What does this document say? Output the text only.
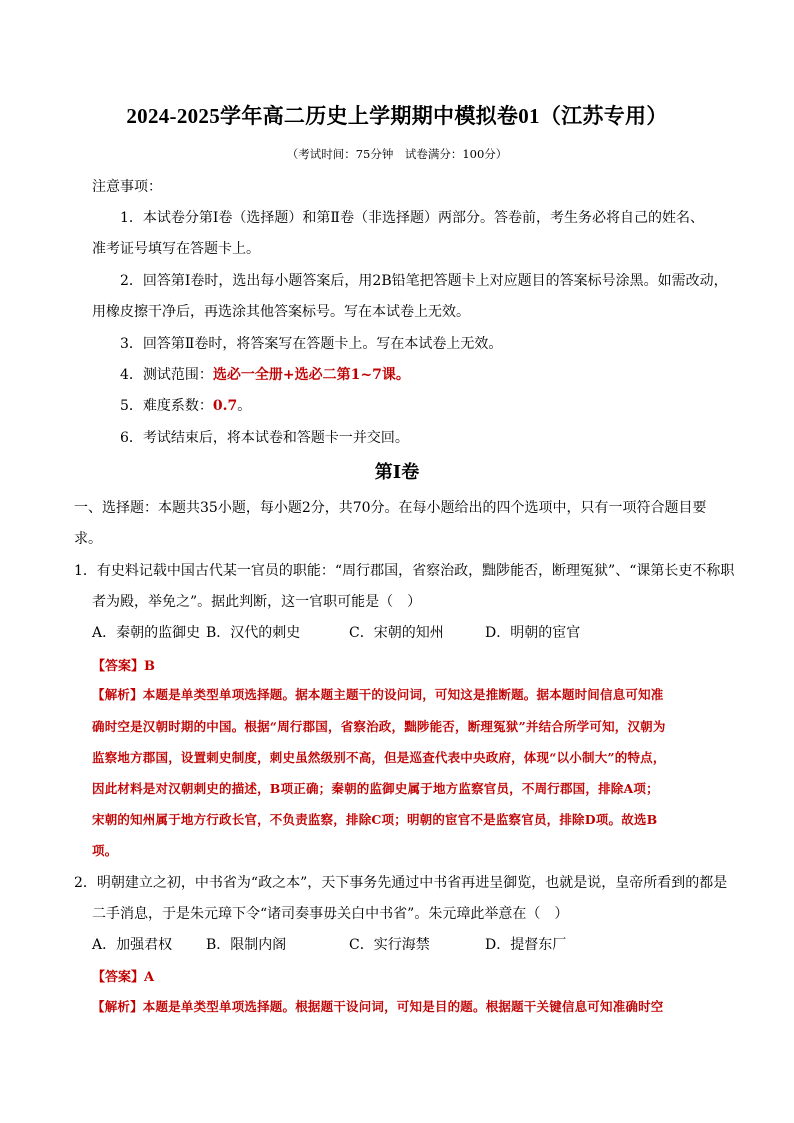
2024-2025学年高二历史上学期期中模拟卷01（江苏专用）
（考试时间：75分钟　试卷满分：100分）
注意事项：
1．本试卷分第Ⅰ卷（选择题）和第Ⅱ卷（非选择题）两部分。答卷前，考生务必将自己的姓名、
准考证号填写在答题卡上。
2．回答第Ⅰ卷时，选出每小题答案后，用2B铅笔把答题卡上对应题目的答案标号涂黑。如需改动，
用橡皮擦干净后，再选涂其他答案标号。写在本试卷上无效。
3．回答第Ⅱ卷时，将答案写在答题卡上。写在本试卷上无效。
4．测试范围：选必一全册+选必二第1~7课。
5．难度系数：0.7。
6．考试结束后，将本试卷和答题卡一并交回。
第Ⅰ卷
一、选择题：本题共35小题，每小题2分，共70分。在每小题给出的四个选项中，只有一项符合题目要
求。
1．有史料记载中国古代某一官员的职能：“周行郡国，省察治政，黜陟能否，断理冤狱”、“课第长吏不称职
者为殿，举免之”。据此判断，这一官职可能是（　）
A．秦朝的监御史 B．汉代的刺史	C．宋朝的知州	D．明朝的宦官
【答案】B
【解析】本题是单类型单项选择题。据本题主题干的设问词，可知这是推断题。据本题时间信息可知准
确时空是汉朝时期的中国。根据“周行郡国，省察治政，黜陟能否，断理冤狱”并结合所学可知，汉朝为
监察地方郡国，设置刺史制度，刺史虽然级别不高，但是巡查代表中央政府，体现“以小制大”的特点，
因此材料是对汉朝刺史的描述，B项正确；秦朝的监御史属于地方监察官员，不周行郡国，排除A项；
宋朝的知州属于地方行政长官，不负责监察，排除C项；明朝的宦官不是监察官员，排除D项。故选B
项。
2．明朝建立之初，中书省为“政之本”，天下事务先通过中书省再进呈御览，也就是说，皇帝所看到的都是
二手消息，于是朱元璋下令“诸司奏事毋关白中书省”。朱元璋此举意在（　）
A．加强君权 B．限制内阁	C．实行海禁	D．提督东厂
【答案】A
【解析】本题是单类型单项选择题。根据题干设问词，可知是目的题。根据题干关键信息可知准确时空
